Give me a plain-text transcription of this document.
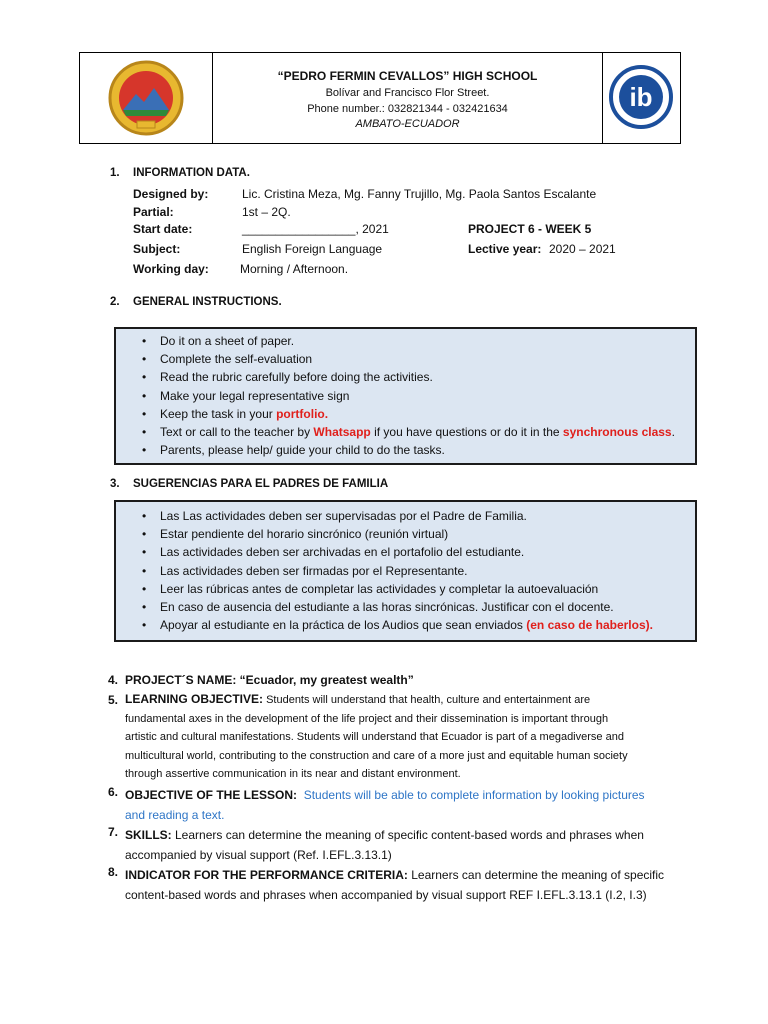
“PEDRO FERMIN CEVALLOS” HIGH SCHOOL
Bolívar and Francisco Flor Street.
Phone number.: 032821344 - 032421634
AMBATO-ECUADOR
ib
1. INFORMATION DATA.
Designed by:	Lic. Cristina Meza, Mg. Fanny Trujillo, Mg. Paola Santos Escalante
Partial:	1st – 2Q.
Start date:	_________________, 2021	PROJECT 6 - WEEK 5
Subject:	English Foreign Language	Lective year: 2020 – 2021
Working day:	Morning / Afternoon.
2. GENERAL INSTRUCTIONS.
• Do it on a sheet of paper.
• Complete the self-evaluation
• Read the rubric carefully before doing the activities.
• Make your legal representative sign
• Keep the task in your portfolio.
• Text or call to the teacher by Whatsapp if you have questions or do it in the synchronous class.
• Parents, please help/ guide your child to do the tasks.
3. SUGERENCIAS PARA EL PADRES DE FAMILIA
• Las Las actividades deben ser supervisadas por el Padre de Familia.
• Estar pendiente del horario sincrónico (reunión virtual)
• Las actividades deben ser archivadas en el portafolio del estudiante.
• Las actividades deben ser firmadas por el Representante.
• Leer las rúbricas antes de completar las actividades y completar la autoevaluación
• En caso de ausencia del estudiante a las horas sincrónicas. Justificar con el docente.
• Apoyar al estudiante en la práctica de los Audios que sean enviados (en caso de haberlos).
4. PROJECT´S NAME: “Ecuador, my greatest wealth”
5. LEARNING OBJECTIVE: Students will understand that health, culture and entertainment are
fundamental axes in the development of the life project and their dissemination is important through
artistic and cultural manifestations. Students will understand that Ecuador is part of a megadiverse and
multicultural world, contributing to the construction and care of a more just and equitable human society
through assertive communication in its near and distant environment.
6. OBJECTIVE OF THE LESSON: Students will be able to complete information by looking pictures
and reading a text.
7. SKILLS: Learners can determine the meaning of specific content-based words and phrases when
accompanied by visual support (Ref. I.EFL.3.13.1)
8. INDICATOR FOR THE PERFORMANCE CRITERIA: Learners can determine the meaning of specific
content-based words and phrases when accompanied by visual support REF I.EFL.3.13.1 (I.2, I.3)
